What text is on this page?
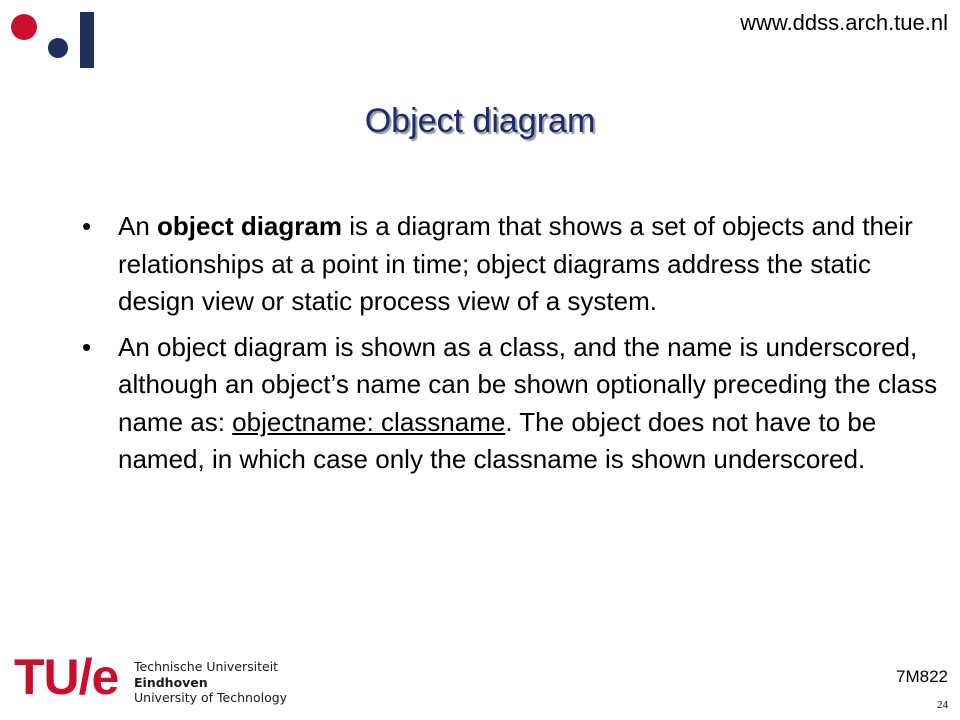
www.ddss.arch.tue.nl
Object diagram
• An object diagram is a diagram that shows a set of objects and their relationships at a point in time; object diagrams address the static design view or static process view of a system.
• An object diagram is shown as a class, and the name is underscored, although an object’s name can be shown optionally preceding the class name as: objectname: classname. The object does not have to be named, in which case only the classname is shown underscored.
TU/e Technische Universiteit
Eindhoven
University of Technology
7M822
24
